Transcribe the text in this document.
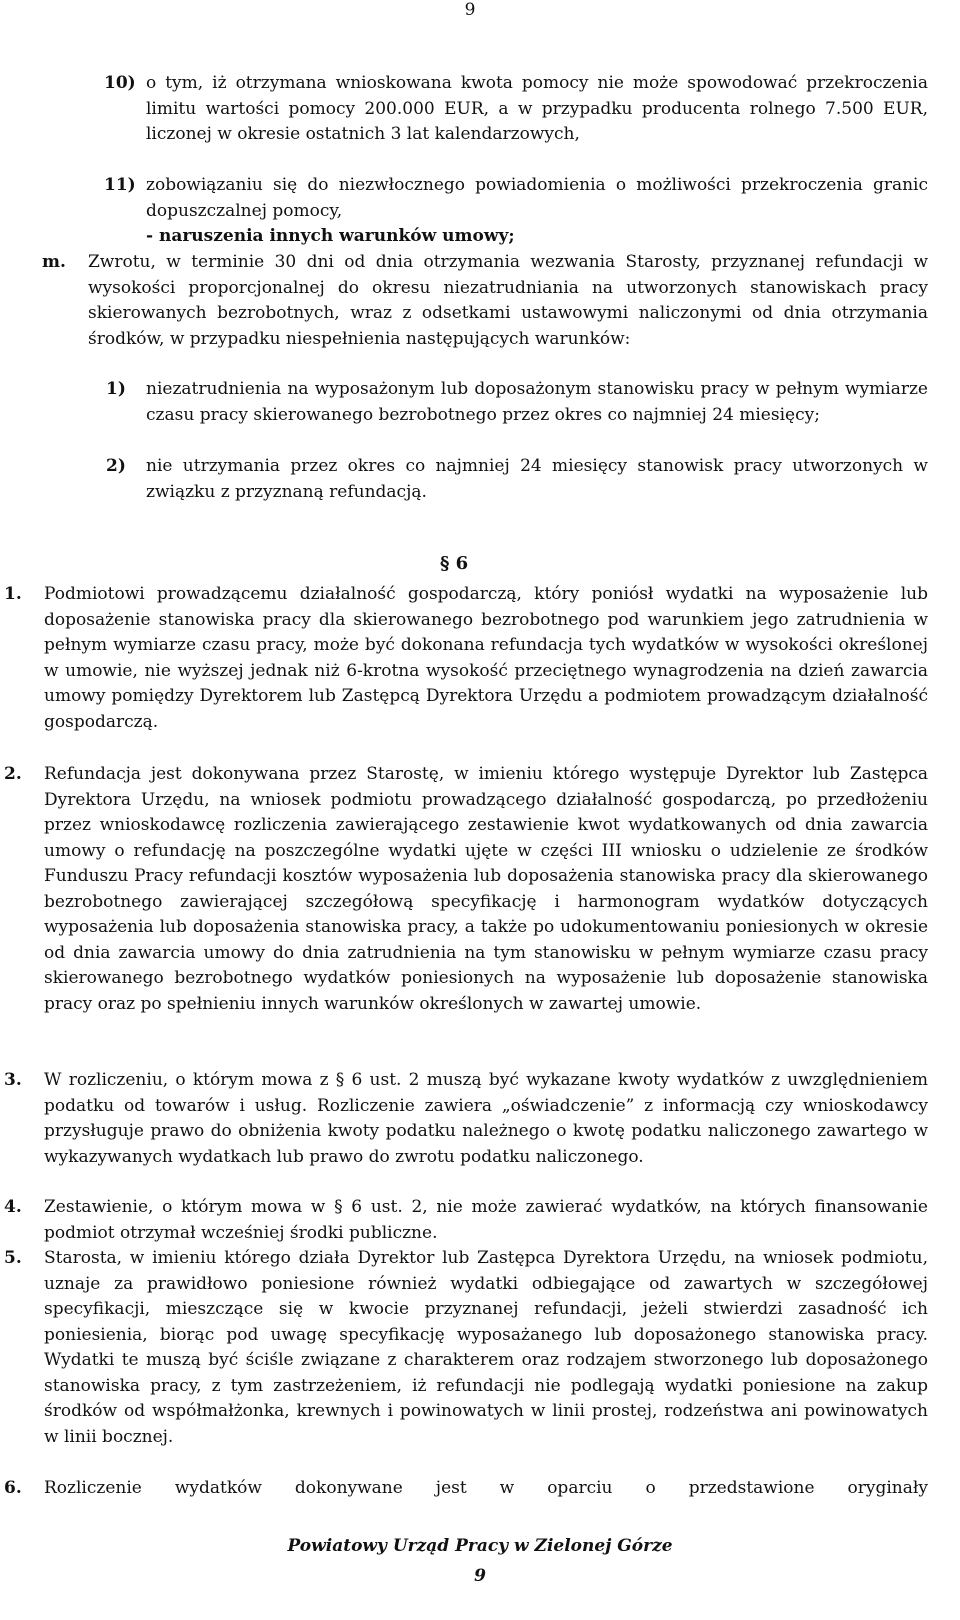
9
10) o tym, iż otrzymana wnioskowana kwota pomocy nie może spowodować przekroczenia limitu wartości pomocy 200.000 EUR, a w przypadku producenta rolnego 7.500 EUR, liczonej w okresie ostatnich 3 lat kalendarzowych,
11) zobowiązaniu się do niezwłocznego powiadomienia o możliwości przekroczenia granic dopuszczalnej pomocy,
- naruszenia innych warunków umowy;
m. Zwrotu, w terminie 30 dni od dnia otrzymania wezwania Starosty, przyznanej refundacji w wysokości proporcjonalnej do okresu niezatrudniania na utworzonych stanowiskach pracy skierowanych bezrobotnych, wraz z odsetkami ustawowymi naliczonymi od dnia otrzymania środków, w przypadku niespełnienia następujących warunków:
1) niezatrudnienia na wyposażonym lub doposażonym stanowisku pracy w pełnym wymiarze czasu pracy skierowanego bezrobotnego przez okres co najmniej 24 miesięcy;
2) nie utrzymania przez okres co najmniej 24 miesięcy stanowisk pracy utworzonych w związku z przyznaną refundacją.
§ 6
1. Podmiotowi prowadzącemu działalność gospodarczą, który poniósł wydatki na wyposażenie lub doposażenie stanowiska pracy dla skierowanego bezrobotnego pod warunkiem jego zatrudnienia w pełnym wymiarze czasu pracy, może być dokonana refundacja tych wydatków w wysokości określonej w umowie, nie wyższej jednak niż 6-krotna wysokość przeciętnego wynagrodzenia na dzień zawarcia umowy pomiędzy Dyrektorem lub Zastępcą Dyrektora Urzędu a podmiotem prowadzącym działalność gospodarczą.
2. Refundacja jest dokonywana przez Starostę, w imieniu którego występuje Dyrektor lub Zastępca Dyrektora Urzędu, na wniosek podmiotu prowadzącego działalność gospodarczą, po przedłożeniu przez wnioskodawcę rozliczenia zawierającego zestawienie kwot wydatkowanych od dnia zawarcia umowy o refundację na poszczególne wydatki ujęte w części III wniosku o udzielenie ze środków Funduszu Pracy refundacji kosztów wyposażenia lub doposażenia stanowiska pracy dla skierowanego bezrobotnego zawierającej szczegółową specyfikację i harmonogram wydatków dotyczących wyposażenia lub doposażenia stanowiska pracy, a także po udokumentowaniu poniesionych w okresie od dnia zawarcia umowy do dnia zatrudnienia na tym stanowisku w pełnym wymiarze czasu pracy skierowanego bezrobotnego wydatków poniesionych na wyposażenie lub doposażenie stanowiska pracy oraz po spełnieniu innych warunków określonych w zawartej umowie.
3. W rozliczeniu, o którym mowa z § 6 ust. 2 muszą być wykazane kwoty wydatków z uwzględnieniem podatku od towarów i usług. Rozliczenie zawiera „oświadczenie” z informacją czy wnioskodawcy przysługuje prawo do obniżenia kwoty podatku należnego o kwotę podatku naliczonego zawartego w wykazywanych wydatkach lub prawo do zwrotu podatku naliczonego.
4. Zestawienie, o którym mowa w § 6 ust. 2, nie może zawierać wydatków, na których finansowanie podmiot otrzymał wcześniej środki publiczne.
5. Starosta, w imieniu którego działa Dyrektor lub Zastępca Dyrektora Urzędu, na wniosek podmiotu, uznaje za prawidłowo poniesione również wydatki odbiegające od zawartych w szczegółowej specyfikacji, mieszczące się w kwocie przyznanej refundacji, jeżeli stwierdzi zasadność ich poniesienia, biorąc pod uwagę specyfikację wyposażanego lub doposażonego stanowiska pracy. Wydatki te muszą być ściśle związane z charakterem oraz rodzajem stworzonego lub doposażonego stanowiska pracy, z tym zastrzeżeniem, iż refundacji nie podlegają wydatki poniesione na zakup środków od współmałżonka, krewnych i powinowatych w linii prostej, rodzeństwa ani powinowatych w linii bocznej.
6. Rozliczenie wydatków dokonywane jest w oparciu o przedstawione oryginały
Powiatowy Urząd Pracy w Zielonej Górze
9
